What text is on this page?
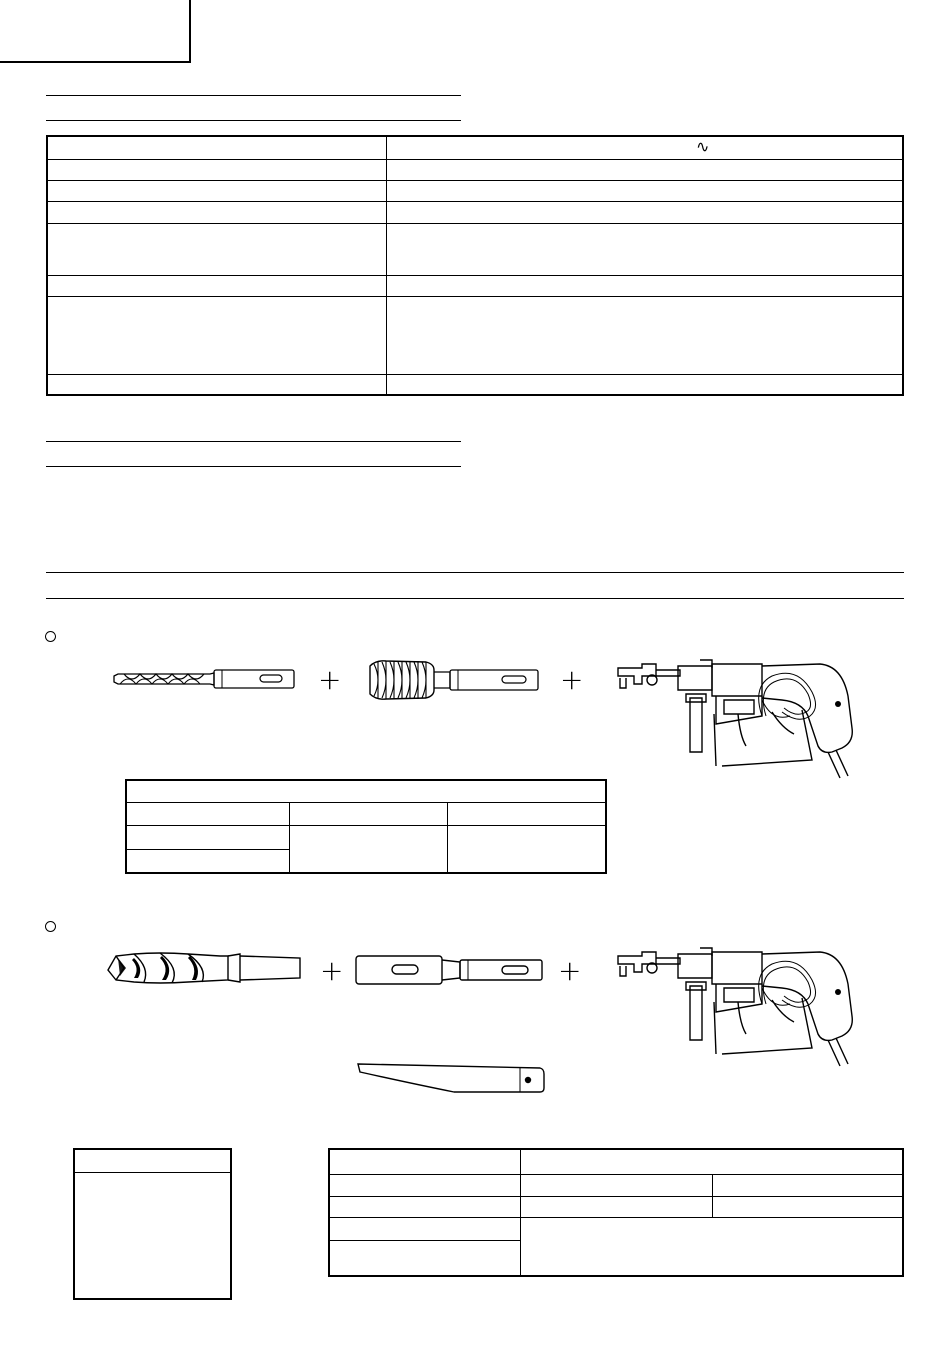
	∿

+	+

+	+
